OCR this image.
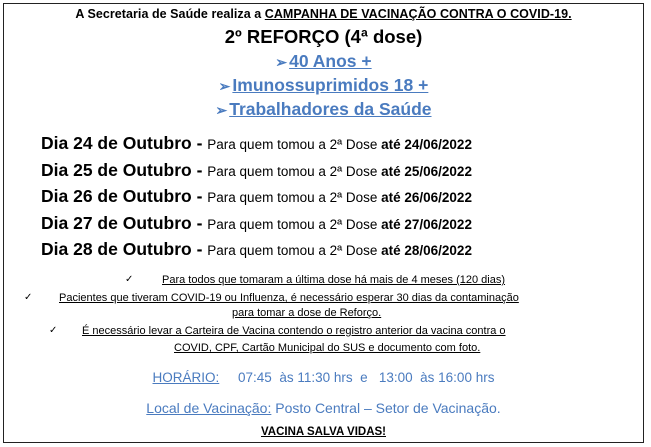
A Secretaria de Saúde realiza a CAMPANHA DE VACINAÇÃO CONTRA O COVID-19.
2º REFORÇO (4ª dose)
➢ 40 Anos +
➢ Imunossuprimidos 18 +
➢ Trabalhadores da Saúde
Dia 24 de Outubro - Para quem tomou a 2ª Dose até 24/06/2022
Dia 25 de Outubro - Para quem tomou a 2ª Dose até 25/06/2022
Dia 26 de Outubro - Para quem tomou a 2ª Dose até 26/06/2022
Dia 27 de Outubro - Para quem tomou a 2ª Dose até 27/06/2022
Dia 28 de Outubro - Para quem tomou a 2ª Dose até 28/06/2022
✓	Para todos que tomaram a última dose há mais de 4 meses (120 dias)
✓ Pacientes que tiveram COVID-19 ou Influenza, é necessário esperar 30 dias da contaminação
para tomar a dose de Reforço.
✓ É necessário levar a Carteira de Vacina contendo o registro anterior da vacina contra o
COVID, CPF, Cartão Municipal do SUS e documento com foto.
HORÁRIO:     07:45  às 11:30 hrs  e   13:00  às 16:00 hrs
Local de Vacinação: Posto Central – Setor de Vacinação.
VACINA SALVA VIDAS!
